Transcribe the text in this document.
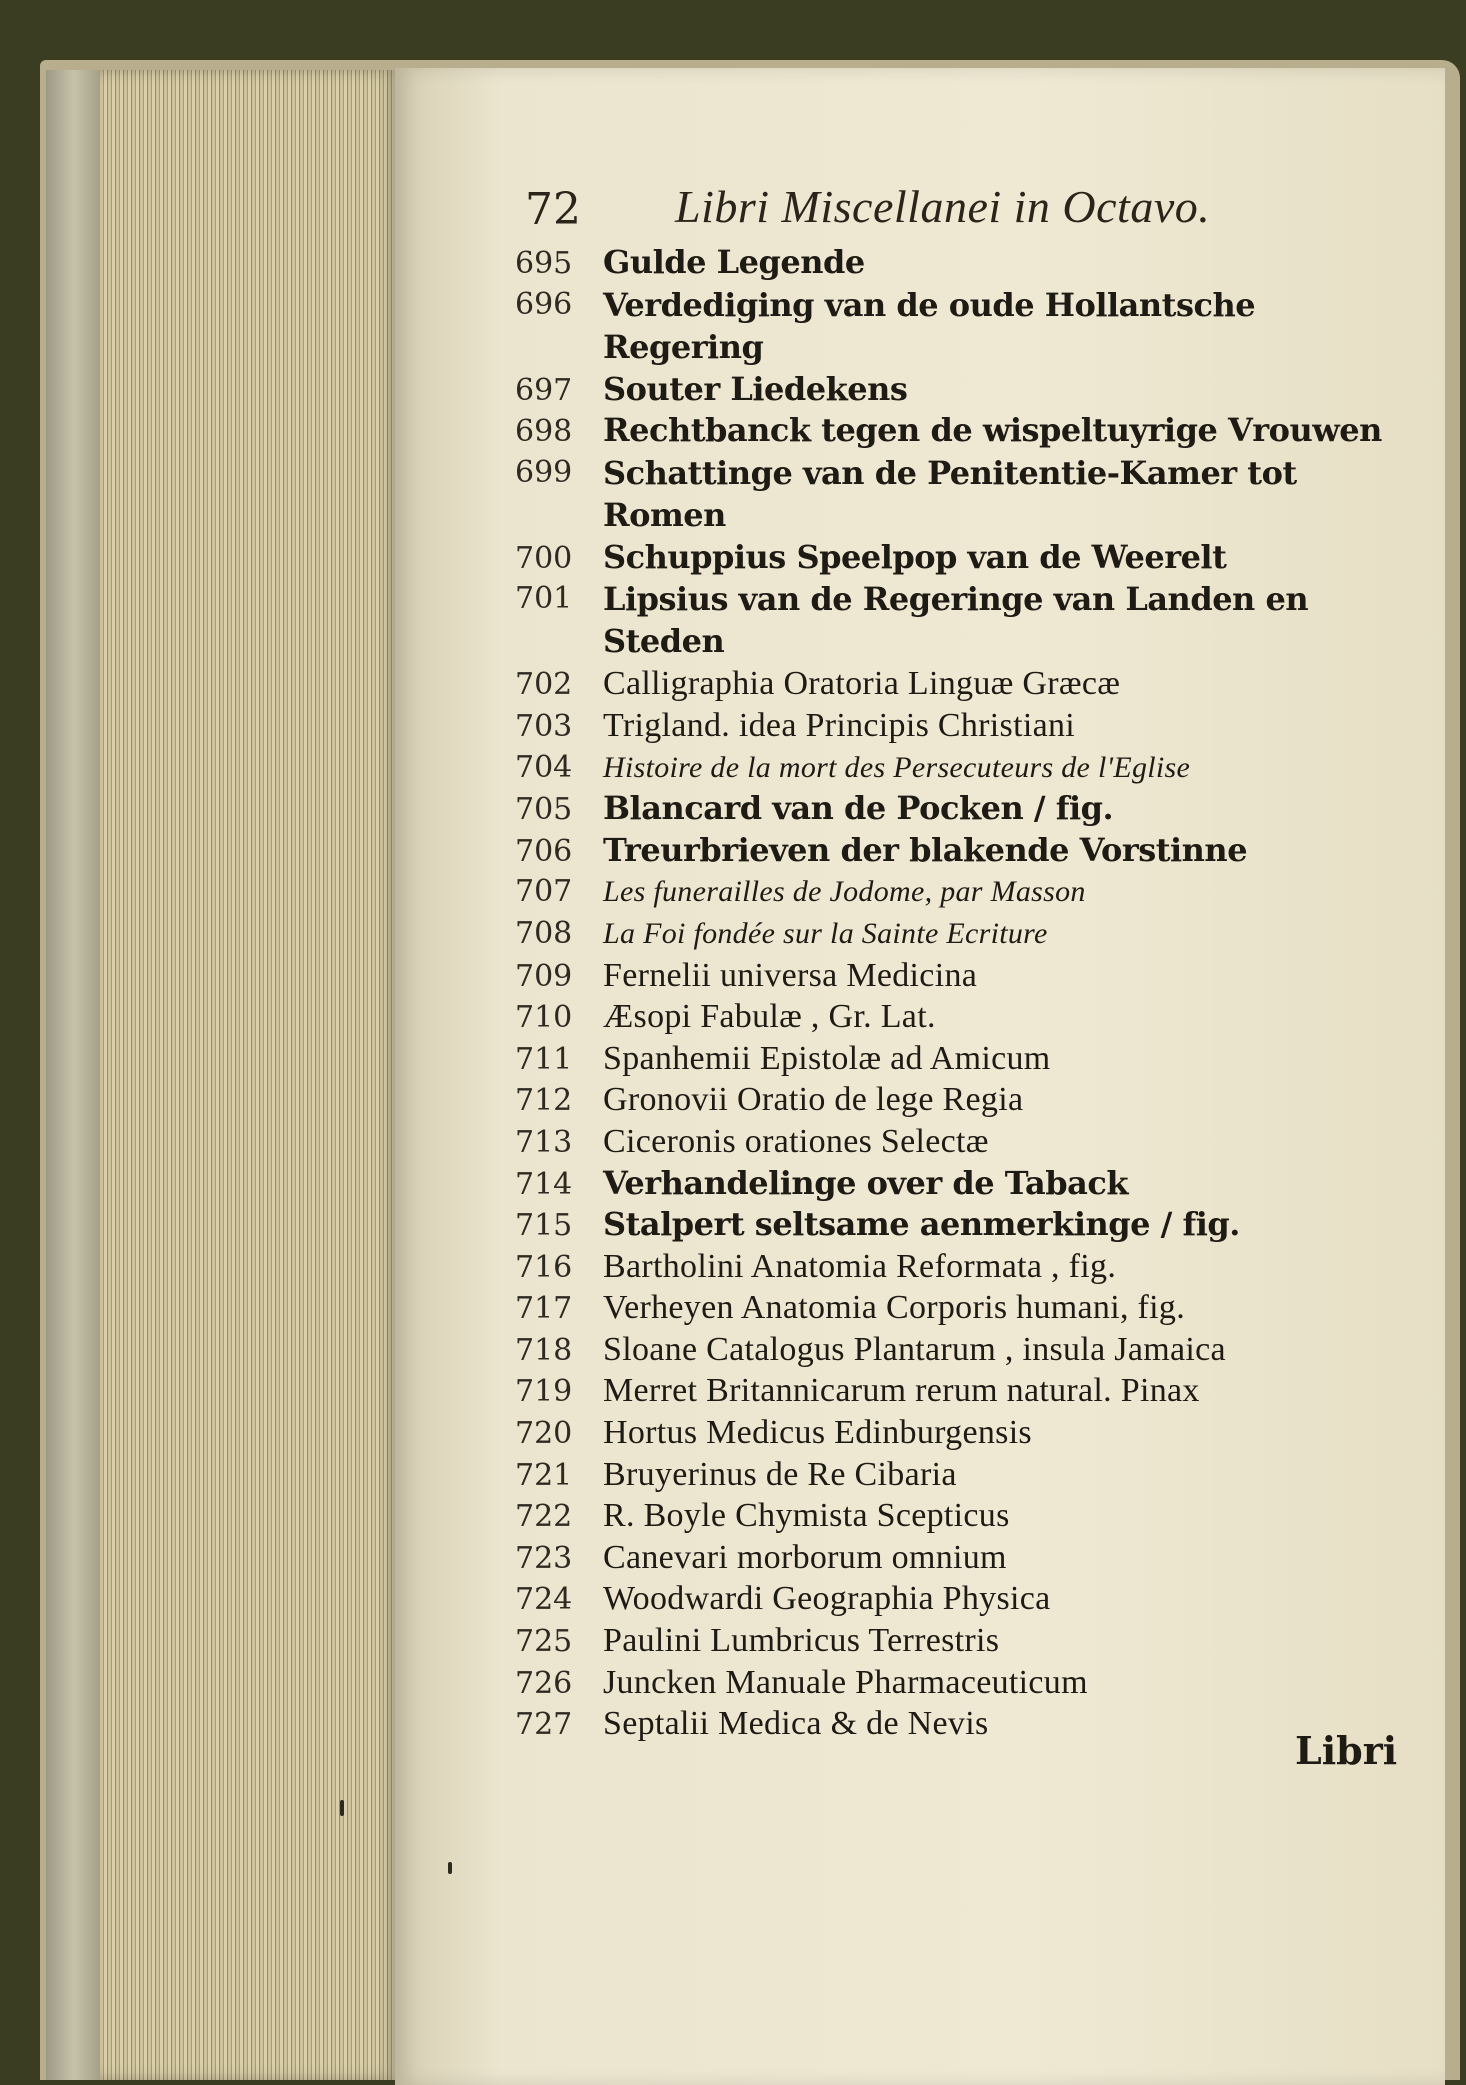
72 Libri Miscellanei in Octavo.
695 Gulde Legende
696 Verdediging van de oude Hollantsche Regering
697 Souter Liedekens
698 Rechtbanck tegen de wispeltuyrige Vrouwen
699 Schattinge van de Penitentie-Kamer tot Romen
700 Schuppius Speelpop van de Weerelt
701 Lipsius van de Regeringe van Landen en Steden
702 Calligraphia Oratoria Linguæ Græcæ
703 Trigland. idea Principis Christiani
704	Histoire de la mort des Persecuteurs de l'Eglise
705 Blancard van de Pocken / fig.
706 Treurbrieven der blakende Vorstinne
707	Les funerailles de Jodome, par Masson
708	La Foi fondée sur la Sainte Ecriture
709 Fernelii universa Medicina
710 Æsopi Fabulæ , Gr. Lat.
711 Spanhemii Epistolæ ad Amicum
712 Gronovii Oratio de lege Regia
713 Ciceronis orationes Selectæ
714 Verhandelinge over de Taback
715 Stalpert seltsame aenmerkinge / fig.
716 Bartholini Anatomia Reformata , fig.
717 Verheyen Anatomia Corporis humani, fig.
718 Sloane Catalogus Plantarum , insula Jamaica
719 Merret Britannicarum rerum natural. Pinax
720 Hortus Medicus Edinburgensis
721 Bruyerinus de Re Cibaria
722 R. Boyle Chymista Scepticus
723 Canevari morborum omnium
724 Woodwardi Geographia Physica
725 Paulini Lumbricus Terrestris
726 Juncken Manuale Pharmaceuticum
727 Septalii Medica & de Nevis
Libri
